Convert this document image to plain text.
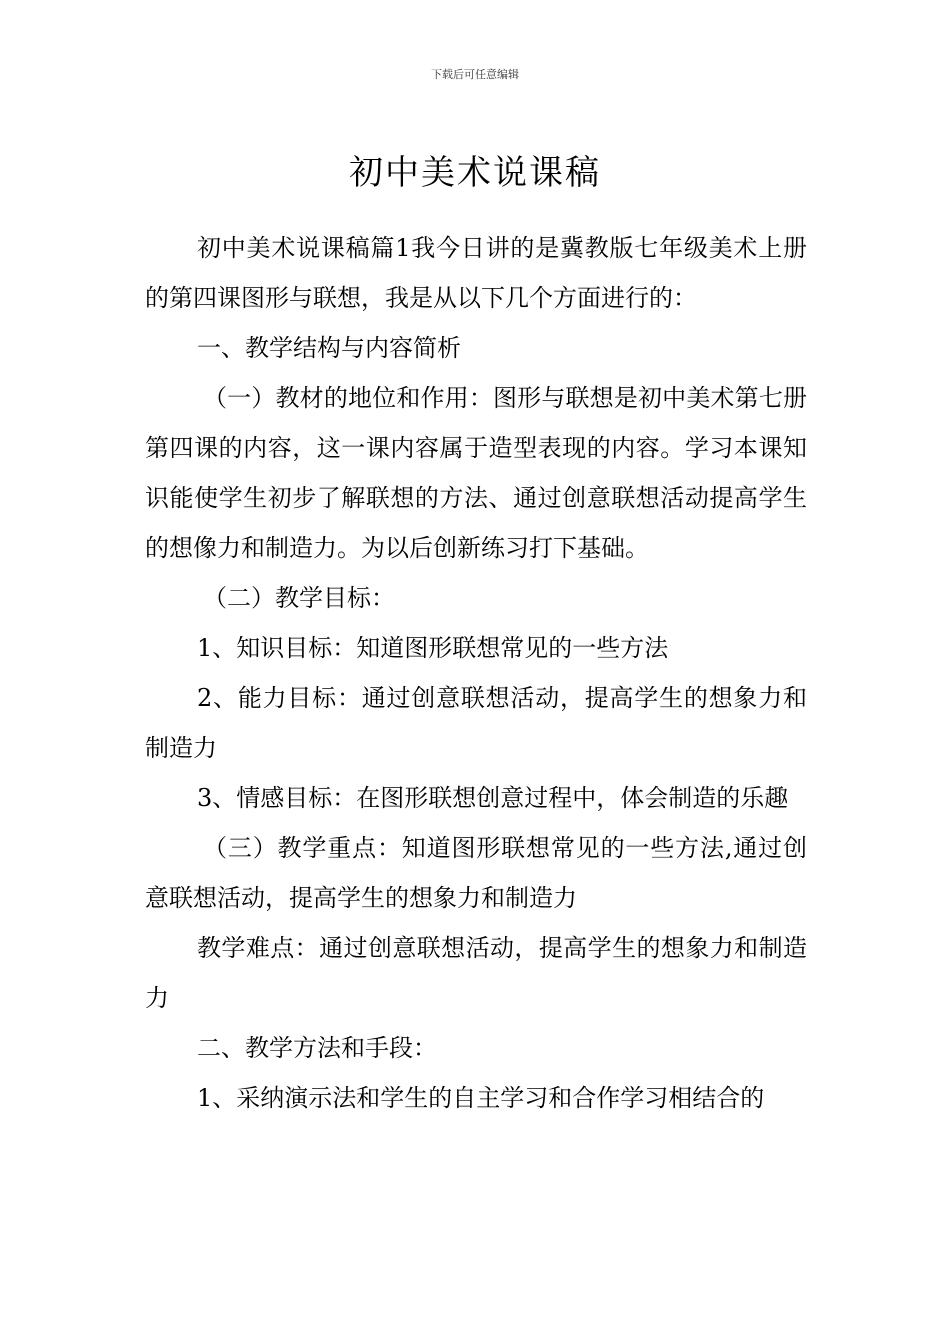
下载后可任意编辑
初中美术说课稿

初中美术说课稿篇1我今日讲的是冀教版七年级美术上册的第四课图形与联想，我是从以下几个方面进行的：

一、教学结构与内容简析

（一）教材的地位和作用：图形与联想是初中美术第七册第四课的内容，这一课内容属于造型表现的内容。学习本课知识能使学生初步了解联想的方法、通过创意联想活动提高学生的想像力和制造力。为以后创新练习打下基础。

（二）教学目标：

1、知识目标：知道图形联想常见的一些方法

2、能力目标：通过创意联想活动，提高学生的想象力和制造力

3、情感目标：在图形联想创意过程中，体会制造的乐趣

（三）教学重点：知道图形联想常见的一些方法,通过创意联想活动，提高学生的想象力和制造力

教学难点：通过创意联想活动，提高学生的想象力和制造力

二、教学方法和手段：

1、采纳演示法和学生的自主学习和合作学习相结合的
